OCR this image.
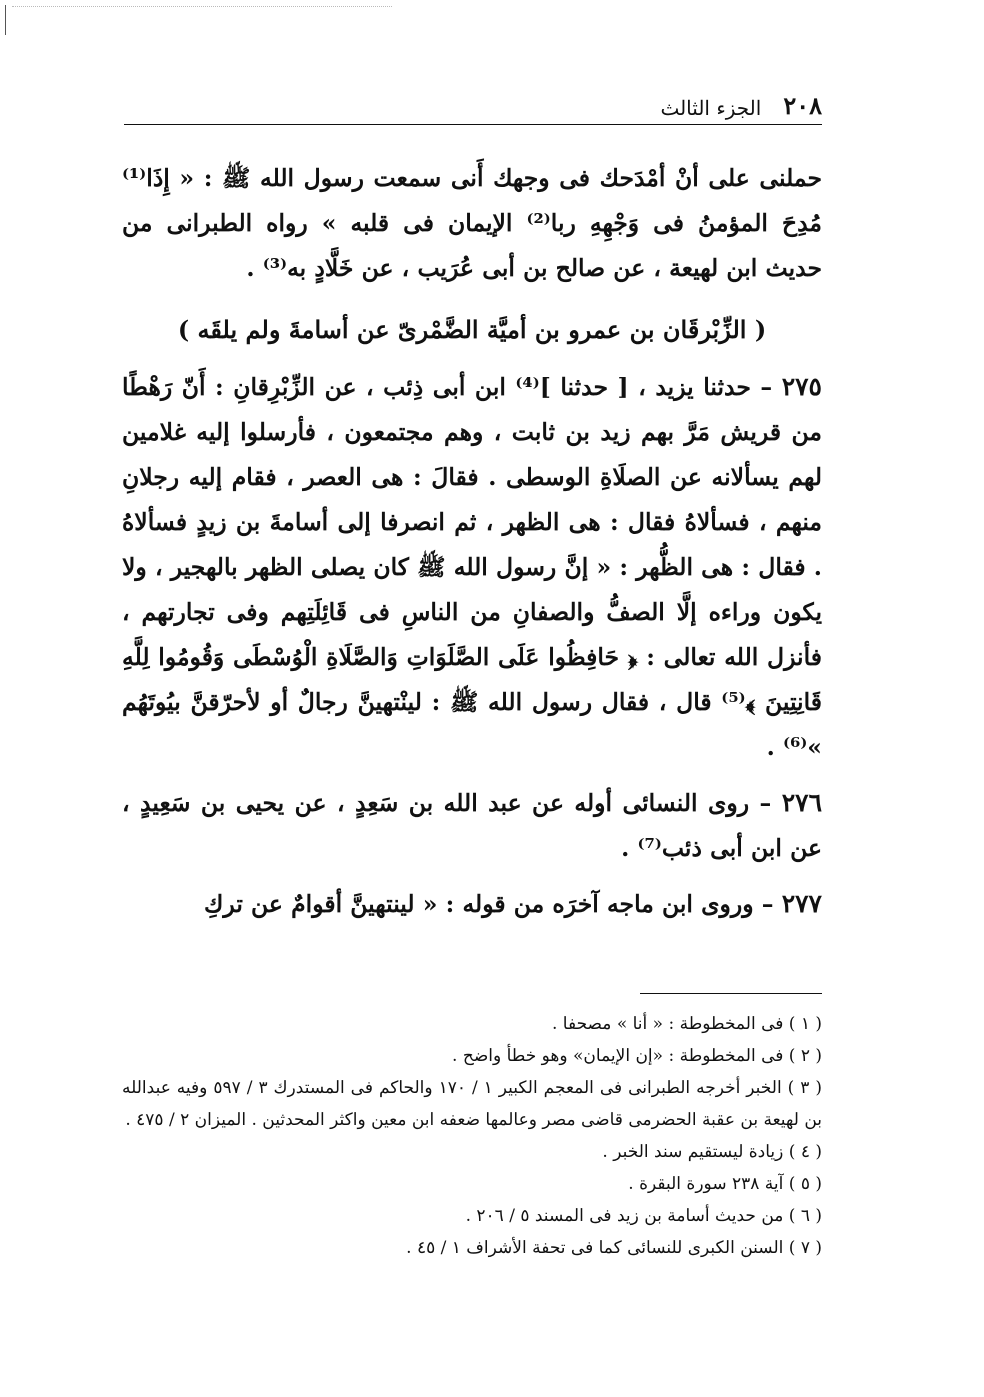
٢٠٨
الجزء الثالث

حملنى على أنْ أمْدَحك فى وجهك أَنى سمعت رسول الله ﷺ : « إِذَا⁽¹⁾ مُدِحَ المؤمنُ فى وَجْهِهِ ربا⁽²⁾ الإيمان فى قلبه » رواه الطبرانى من حديث ابن لهيعة ، عن صالح بن أبى عُرَيب ، عن خَلَّادٍ به⁽³⁾ .

( الزِّبْرقَان بن عمرو بن أميَّة الضَّمْرىّ عن أسامةَ ولم يلقَه )

٢٧٥ – حدثنا يزيد ، [ حدثنا ]⁽⁴⁾ ابن أبى ذِئب ، عن الزِّبْرِقانِ : أَنّ رَهْطًا من قريش مَرَّ بهم زيد بن ثابت ، وهم مجتمعون ، فأرسلوا إليه غلامين لهم يسألانه عن الصلَاةِ الوسطى . فقالَ : هى العصر ، فقام إليه رجلانِ منهم ، فسألاهُ فقال : هى الظهر ، ثم انصرفا إلى أسامةَ بن زيدٍ فسألاهُ . فقال : هى الظُّهر : « إنَّ رسول الله ﷺ كان يصلى الظهر بالهجير ، ولا يكون وراءه إلَّا الصفُّ والصفانِ من الناسِ فى قَائِلَتِهم وفى تجارتهم ، فأنزل الله تعالى : ﴿ حَافِظُوا عَلَى الصَّلَوَاتِ وَالصَّلَاةِ الْوُسْطَى وَقُومُوا لِلَّهِ قَانِتِينَ ﴾⁽⁵⁾ قال ، فقال رسول الله ﷺ : لينْتهينَّ رجالٌ أو لأحرّقنَّ بيُوتَهُم »⁽⁶⁾ .

٢٧٦ – روى النسائى أوله عن عبد الله بن سَعِدٍ ، عن يحيى بن سَعِيدٍ ، عن ابن أبى ذئب⁽⁷⁾ .

٢٧٧ – وروى ابن ماجه آخرَه من قوله : « لينتهينَّ أقوامٌ عن تركِ

( ١ ) فى المخطوطة : « أنا » مصحفا .

( ٢ ) فى المخطوطة : «إن الإيمان» وهو خطأ واضح .

( ٣ ) الخبر أخرجه الطبرانى فى المعجم الكبير ١ / ١٧٠ والحاكم فى المستدرك ٣ / ٥٩٧ وفيه عبدالله بن لهيعة بن عقبة الحضرمى قاضى مصر وعالمها ضعفه ابن معين واكثر المحدثين . الميزان ٢ / ٤٧٥ .

( ٤ ) زيادة ليستقيم سند الخبر .

( ٥ ) آية ٢٣٨ سورة البقرة .

( ٦ ) من حديث أسامة بن زيد فى المسند ٥ / ٢٠٦ .

( ٧ ) السنن الكبرى للنسائى كما فى تحفة الأشراف ١ / ٤٥ .
